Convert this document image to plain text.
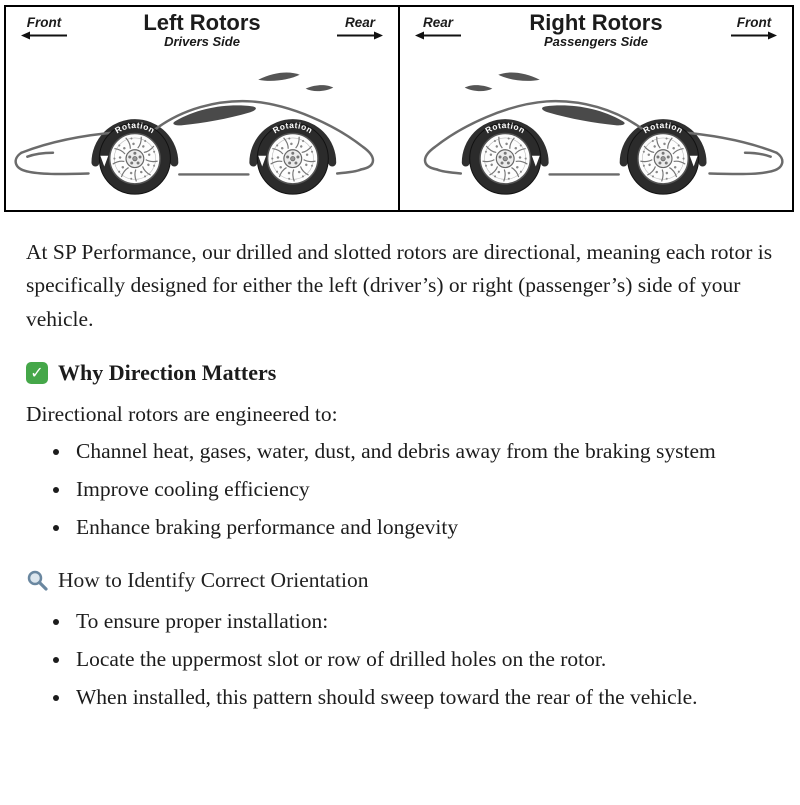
Front	Rear
Left Rotors
Drivers Side
Rotation	Rotation
Rear	Front
Right Rotors
Passengers Side
Rotation	Rotation

At SP Performance, our drilled and slotted rotors are directional, meaning each rotor is specifically designed for either the left (driver’s) or right (passenger’s) side of your vehicle.

✓ Why Direction Matters

Directional rotors are engineered to:

• Channel heat, gases, water, dust, and debris away from the braking system
• Improve cooling efficiency
• Enhance braking performance and longevity
How to Identify Correct Orientation
• To ensure proper installation:
• Locate the uppermost slot or row of drilled holes on the rotor.
• When installed, this pattern should sweep toward the rear of the vehicle.
